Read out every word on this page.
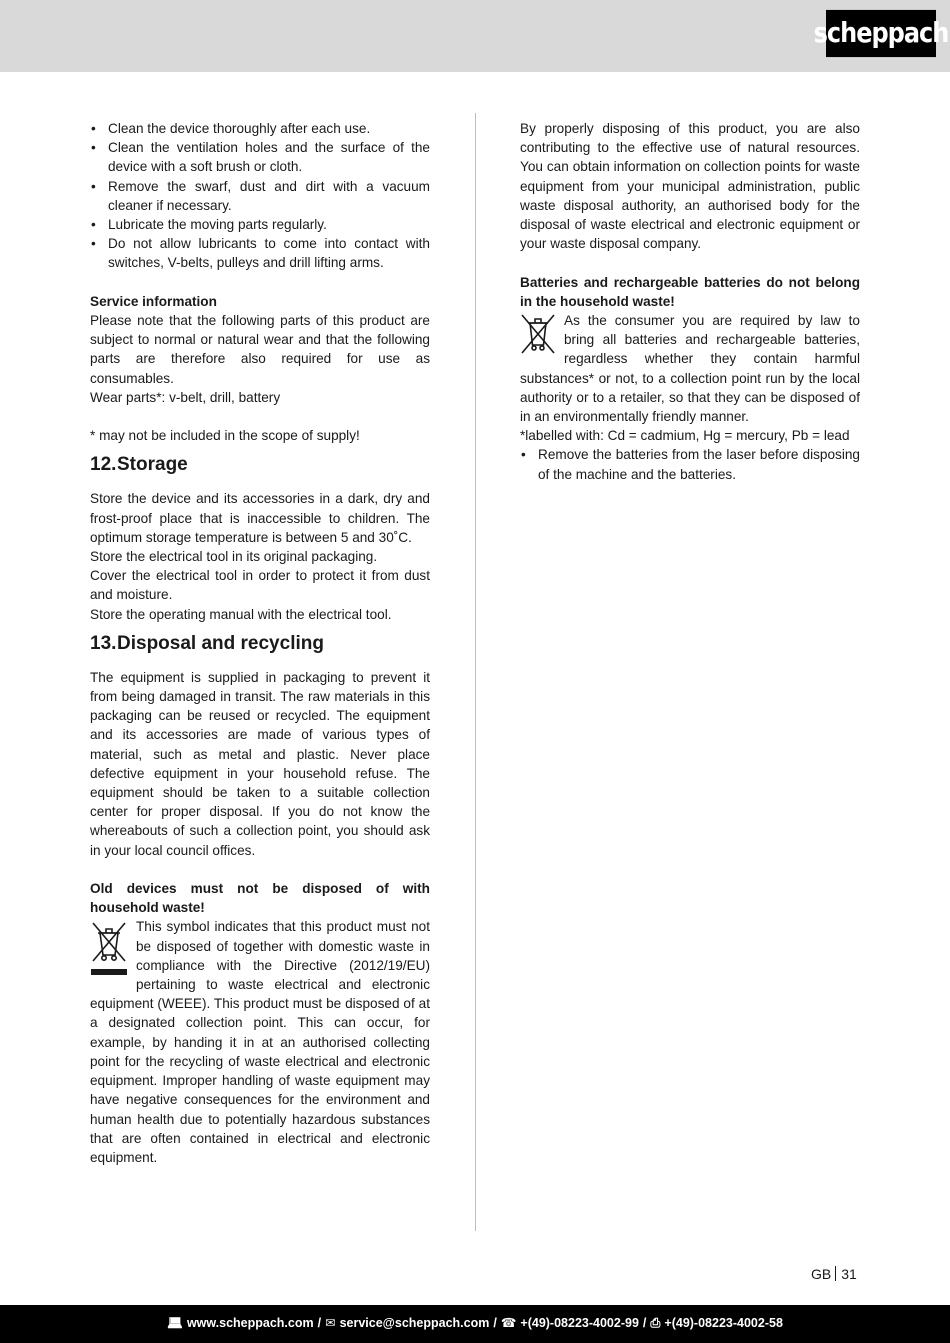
scheppach
• Clean the device thoroughly after each use.
• Clean the ventilation holes and the surface of the device with a soft brush or cloth.
• Remove the swarf, dust and dirt with a vacuum cleaner if necessary.
• Lubricate the moving parts regularly.
• Do not allow lubricants to come into contact with switches, V-belts, pulleys and drill lifting arms.

Service information

Please note that the following parts of this product are subject to normal or natural wear and that the following parts are therefore also required for use as consumables.

Wear parts*: v-belt, drill, battery

* may not be included in the scope of supply!

12.Storage

Store the device and its accessories in a dark, dry and frost-proof place that is inaccessible to children. The optimum storage temperature is between 5 and 30˚C.

Store the electrical tool in its original packaging.

Cover the electrical tool in order to protect it from dust and moisture.

Store the operating manual with the electrical tool.

13.Disposal and recycling

The equipment is supplied in packaging to prevent it from being damaged in transit. The raw materials in this packaging can be reused or recycled. The equipment and its accessories are made of various types of material, such as metal and plastic. Never place defective equipment in your household refuse. The equipment should be taken to a suitable collection center for proper disposal. If you do not know the whereabouts of such a collection point, you should ask in your local council offices.

Old devices must not be disposed of with household waste!

This symbol indicates that this product must not be disposed of together with domestic waste in compliance with the Directive (2012/19/EU) pertaining to waste electrical and electronic equipment (WEEE). This product must be disposed of at a designated collection point. This can occur, for example, by handing it in at an authorised collecting point for the recycling of waste electrical and electronic equipment. Improper handling of waste equipment may have negative consequences for the environment and human health due to potentially hazardous substances that are often contained in electrical and electronic equipment.

By properly disposing of this product, you are also contributing to the effective use of natural resources. You can obtain information on collection points for waste equipment from your municipal administration, public waste disposal authority, an authorised body for the disposal of waste electrical and electronic equipment or your waste disposal company.

Batteries and rechargeable batteries do not belong in the household waste!

As the consumer you are required by law to bring all batteries and rechargeable batteries, regardless whether they contain harmful substances* or not, to a collection point run by the local authority or to a retailer, so that they can be disposed of in an environmentally friendly manner.

*labelled with: Cd = cadmium, Hg = mercury, Pb = lead

• Remove the batteries from the laser before disposing of the machine and the batteries.
GB 31
💻︎ www.scheppach.com / ✉︎ service@scheppach.com / ☎ +(49)-08223-4002-99 / ⎙ +(49)-08223-4002-58
